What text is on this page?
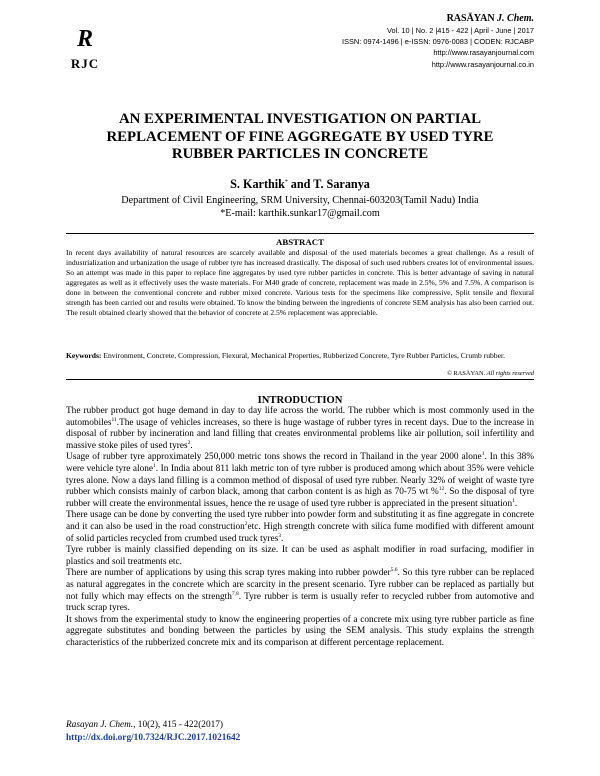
R
RJC
RASĀYAN J. Chem.
Vol. 10 | No. 2 |415 - 422 | April - June | 2017
ISSN: 0974-1496 | e-ISSN: 0976-0083 | CODEN: RJCABP
http://www.rasayanjournal.com
http://www.rasayanjournal.co.in
AN EXPERIMENTAL INVESTIGATION ON PARTIAL
REPLACEMENT OF FINE AGGREGATE BY USED TYRE
RUBBER PARTICLES IN CONCRETE
S. Karthik* and T. Saranya
Department of Civil Engineering, SRM University, Chennai-603203(Tamil Nadu) India
*E-mail: karthik.sunkar17@gmail.com
ABSTRACT
In recent days availability of natural resources are scarcely available and disposal of the used materials becomes a great challenge. As a result of industrialization and urbanization the usage of rubber tyre has increased drastically. The disposal of such used rubbers creates lot of environmental issues. So an attempt was made in this paper to replace fine aggregates by used tyre rubber particles in concrete. This is better advantage of saving in natural aggregates as well as it effectively uses the waste materials. For M40 grade of concrete, replacement was made in 2.5%, 5% and 7.5%. A comparison is done in between the conventional concrete and rubber mixed concrete. Various tests for the specimens like compressive, Split tensile and flexural strength has been carried out and results were obtained. To know the binding between the ingredients of concrete SEM analysis has also been carried out. The result obtained clearly showed that the behavior of concrete at 2.5% replacement was appreciable.
Keywords: Environment, Concrete, Compression, Flexural, Mechanical Properties, Rubberized Concrete, Tyre Rubber Particles, Crumb rubber.
© RASĀYAN. All rights reserved
INTRODUCTION

The rubber product got huge demand in day to day life across the world. The rubber which is most commonly used in the automobiles$^{11}$.The usage of vehicles increases, so there is huge wastage of rubber tyres in recent days. Due to the increase in disposal of rubber by incineration and land filling that creates environmental problems like air pollution, soil infertility and massive stoke piles of used tyres$^2$.

Usage of rubber tyre approximately 250,000 metric tons shows the record in Thailand in the year 2000 alone$^1$. In this 38% were vehicle tyre alone$^1$. In India about 811 lakh metric ton of tyre rubber is produced among which about 35% were vehicle tyres alone. Now a days land filling is a common method of disposal of used tyre rubber. Nearly 32% of weight of waste tyre rubber which consists mainly of carbon black, among that carbon content is as high as 70-75 wt %$^{12}$. So the disposal of tyre rubber will create the environmental issues, hence the re usage of used tyre rubber is appreciated in the present situation$^1$.

There usage can be done by converting the used tyre rubber into powder form and substituting it as fine aggregate in concrete and it can also be used in the road construction$^2$etc. High strength concrete with silica fume modified with different amount of solid particles recycled from crumbed used truck tyres$^3$.

Tyre rubber is mainly classified depending on its size. It can be used as asphalt modifier in road surfacing, modifier in plastics and soil treatments etc.

There are number of applications by using this scrap tyres making into rubber powder$^{5,6}$. So this tyre rubber can be replaced as natural aggregates in the concrete which are scarcity in the present scenario. Tyre rubber can be replaced as partially but not fully which may effects on the strength$^{7,8}$. Tyre rubber is term is usually refer to recycled rubber from automotive and truck scrap tyres.

It shows from the experimental study to know the engineering properties of a concrete mix using tyre rubber particle as fine aggregate substitutes and bonding between the particles by using the SEM analysis. This study explains the strength characteristics of the rubberized concrete mix and its comparison at different percentage replacement.

Rasayan J. Chem., 10(2), 415 - 422(2017)
http://dx.doi.org/10.7324/RJC.2017.1021642
